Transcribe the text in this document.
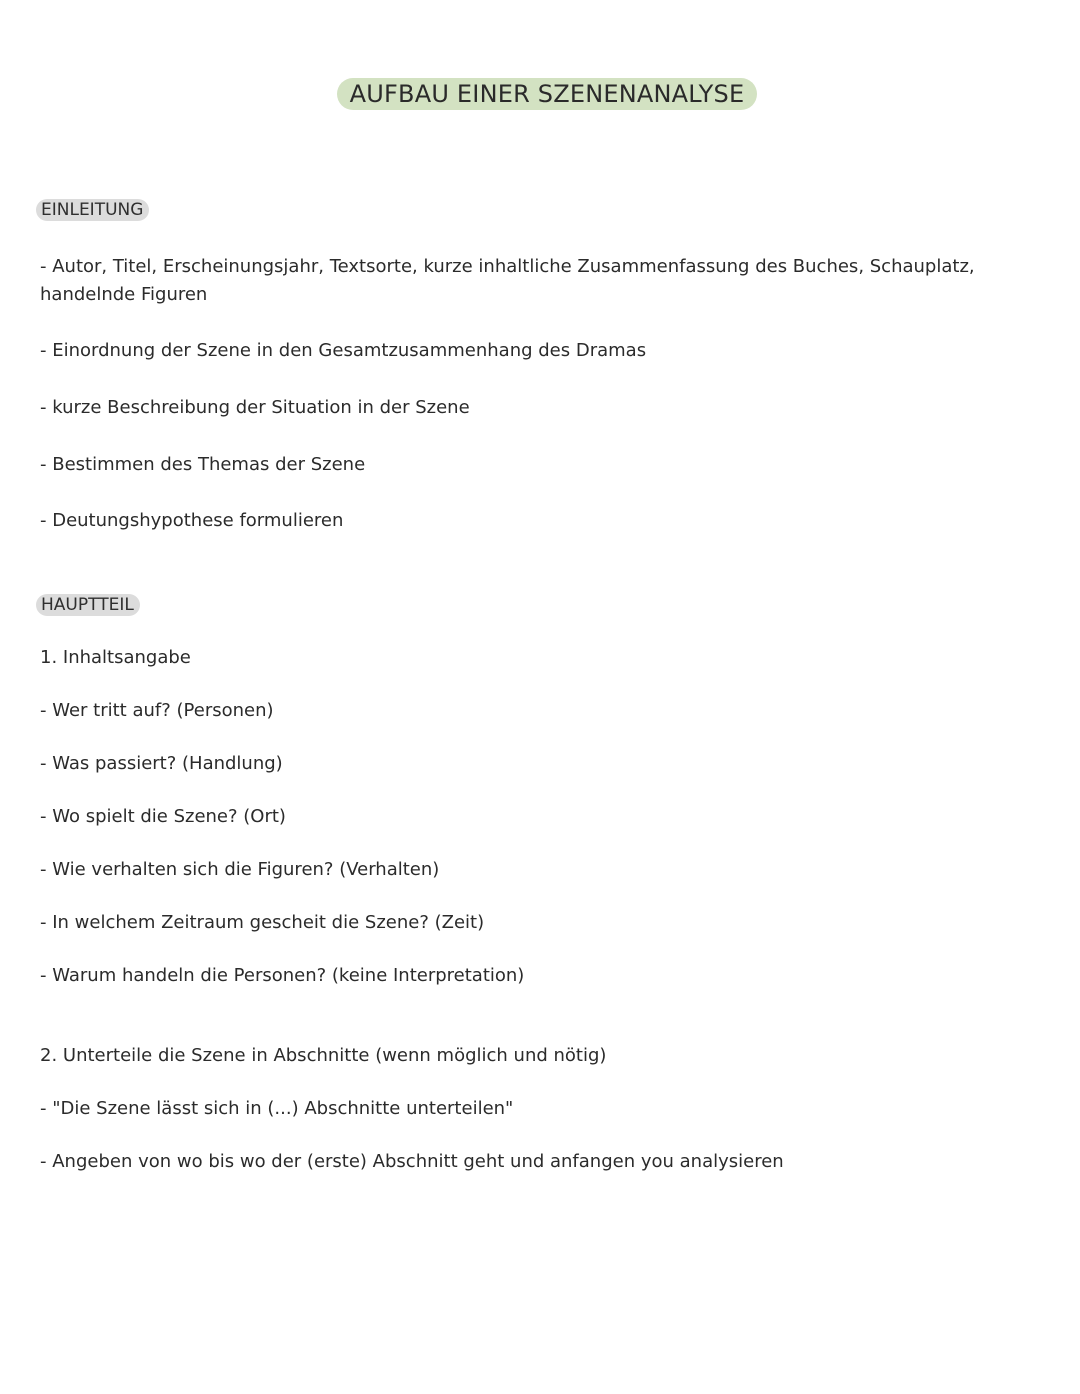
AUFBAU EINER SZENENANALYSE
EINLEITUNG
- Autor, Titel, Erscheinungsjahr, Textsorte, kurze inhaltliche Zusammenfassung des Buches, Schauplatz, handelnde Figuren
- Einordnung der Szene in den Gesamtzusammenhang des Dramas
- kurze Beschreibung der Situation in der Szene
- Bestimmen des Themas der Szene
- Deutungshypothese formulieren
HAUPTTEIL
1. Inhaltsangabe
- Wer tritt auf? (Personen)
- Was passiert? (Handlung)
- Wo spielt die Szene? (Ort)
- Wie verhalten sich die Figuren? (Verhalten)
- In welchem Zeitraum gescheit die Szene? (Zeit)
- Warum handeln die Personen? (keine Interpretation)
2. Unterteile die Szene in Abschnitte (wenn möglich und nötig)
- "Die Szene lässt sich in (...) Abschnitte unterteilen"
- Angeben von wo bis wo der (erste) Abschnitt geht und anfangen you analysieren
